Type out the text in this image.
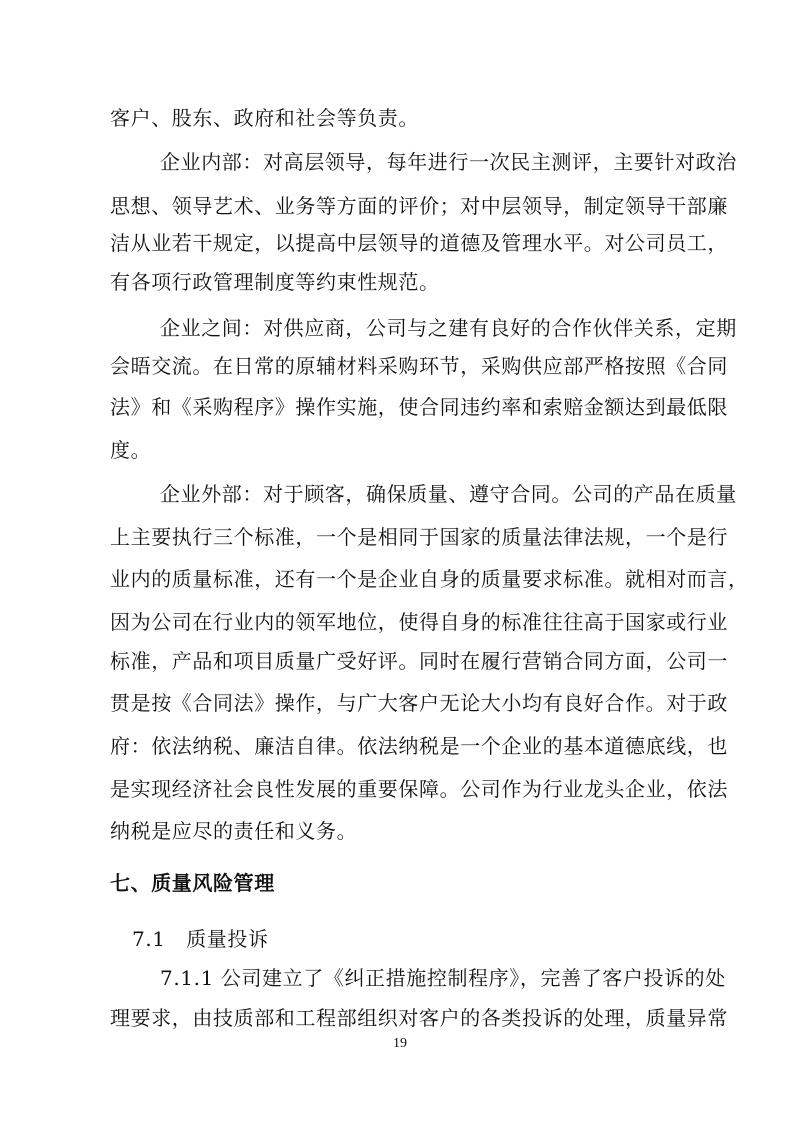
客户、股东、政府和社会等负责。
企业内部：对高层领导，每年进行一次民主测评，主要针对政治
思想、领导艺术、业务等方面的评价；对中层领导，制定领导干部廉
洁从业若干规定，以提高中层领导的道德及管理水平。对公司员工，
有各项行政管理制度等约束性规范。
企业之间：对供应商，公司与之建有良好的合作伙伴关系，定期
会晤交流。在日常的原辅材料采购环节，采购供应部严格按照《合同
法》和《采购程序》操作实施，使合同违约率和索赔金额达到最低限
度。
企业外部：对于顾客，确保质量、遵守合同。公司的产品在质量
上主要执行三个标准，一个是相同于国家的质量法律法规，一个是行
业内的质量标准，还有一个是企业自身的质量要求标准。就相对而言，
因为公司在行业内的领军地位，使得自身的标准往往高于国家或行业
标准，产品和项目质量广受好评。同时在履行营销合同方面，公司一
贯是按《合同法》操作，与广大客户无论大小均有良好合作。对于政
府：依法纳税、廉洁自律。依法纳税是一个企业的基本道德底线，也
是实现经济社会良性发展的重要保障。公司作为行业龙头企业，依法
纳税是应尽的责任和义务。
七、质量风险管理
7.1　质量投诉
7.1.1 公司建立了《纠正措施控制程序》，完善了客户投诉的处
理要求，由技质部和工程部组织对客户的各类投诉的处理，质量异常
19
